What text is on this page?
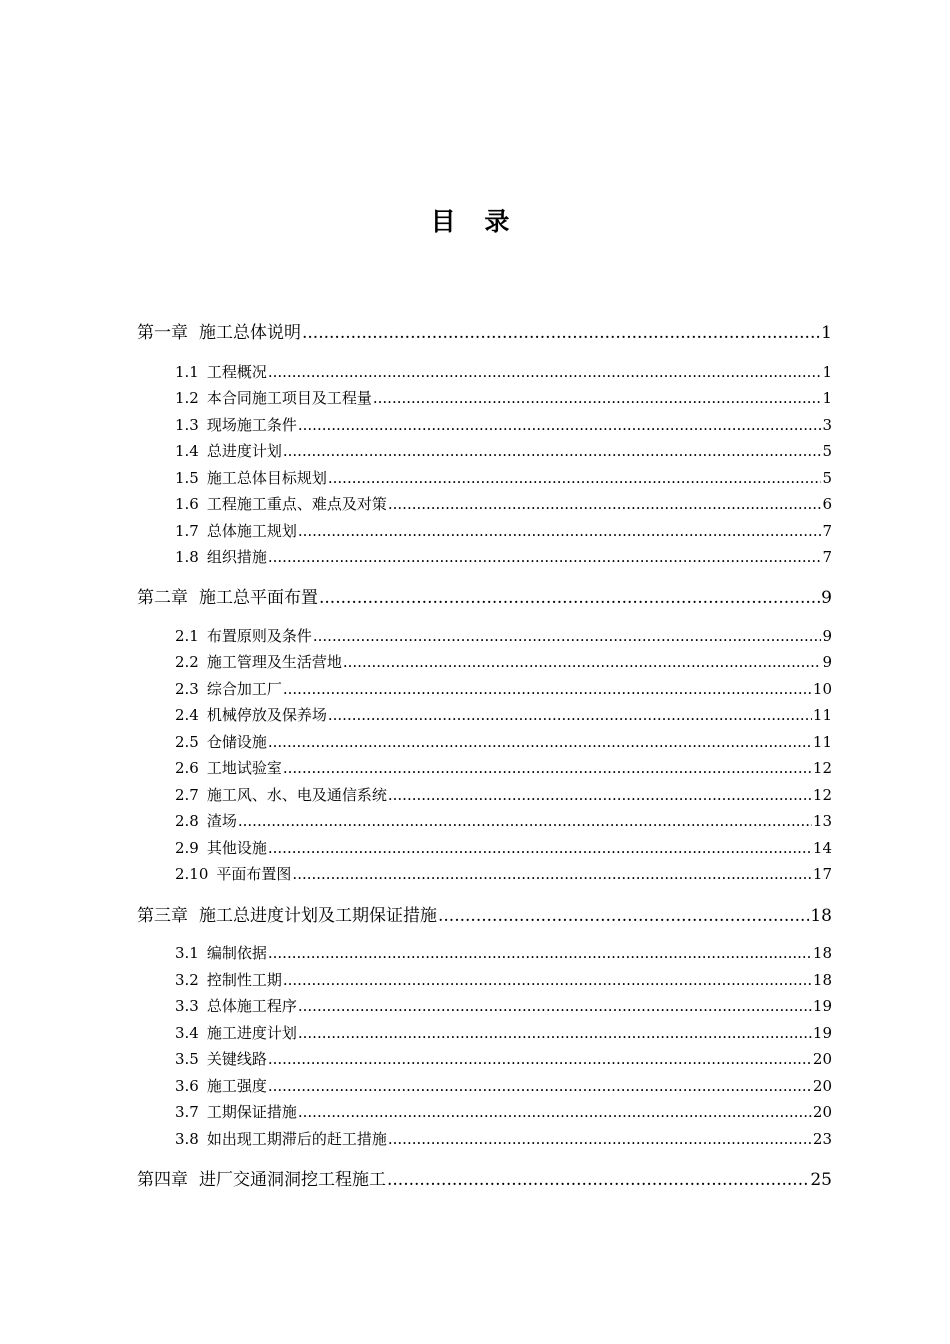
目 录
第一章 施工总体说明 .....	1
1.1 工程概况 .....	1
1.2 本合同施工项目及工程量 .....	1
1.3 现场施工条件 .....	3
1.4 总进度计划 .....	5
1.5 施工总体目标规划 .....	5
1.6 工程施工重点、难点及对策 .....	6
1.7 总体施工规划 .....	7
1.8 组织措施 .....	7
第二章 施工总平面布置 .....	9
2.1 布置原则及条件 .....	9
2.2 施工管理及生活营地 .....	9
2.3 综合加工厂 .....	10
2.4 机械停放及保养场 .....	11
2.5 仓储设施 .....	11
2.6 工地试验室 .....	12
2.7 施工风、水、电及通信系统 .....	12
2.8 渣场 .....	13
2.9 其他设施 .....	14
2.10 平面布置图 .....	17
第三章 施工总进度计划及工期保证措施 .....	18
3.1 编制依据 .....	18
3.2 控制性工期 .....	18
3.3 总体施工程序 .....	19
3.4 施工进度计划 .....	19
3.5 关键线路 .....	20
3.6 施工强度 .....	20
3.7 工期保证措施 .....	20
3.8 如出现工期滞后的赶工措施 .....	23
第四章 进厂交通洞洞挖工程施工 .....	25
